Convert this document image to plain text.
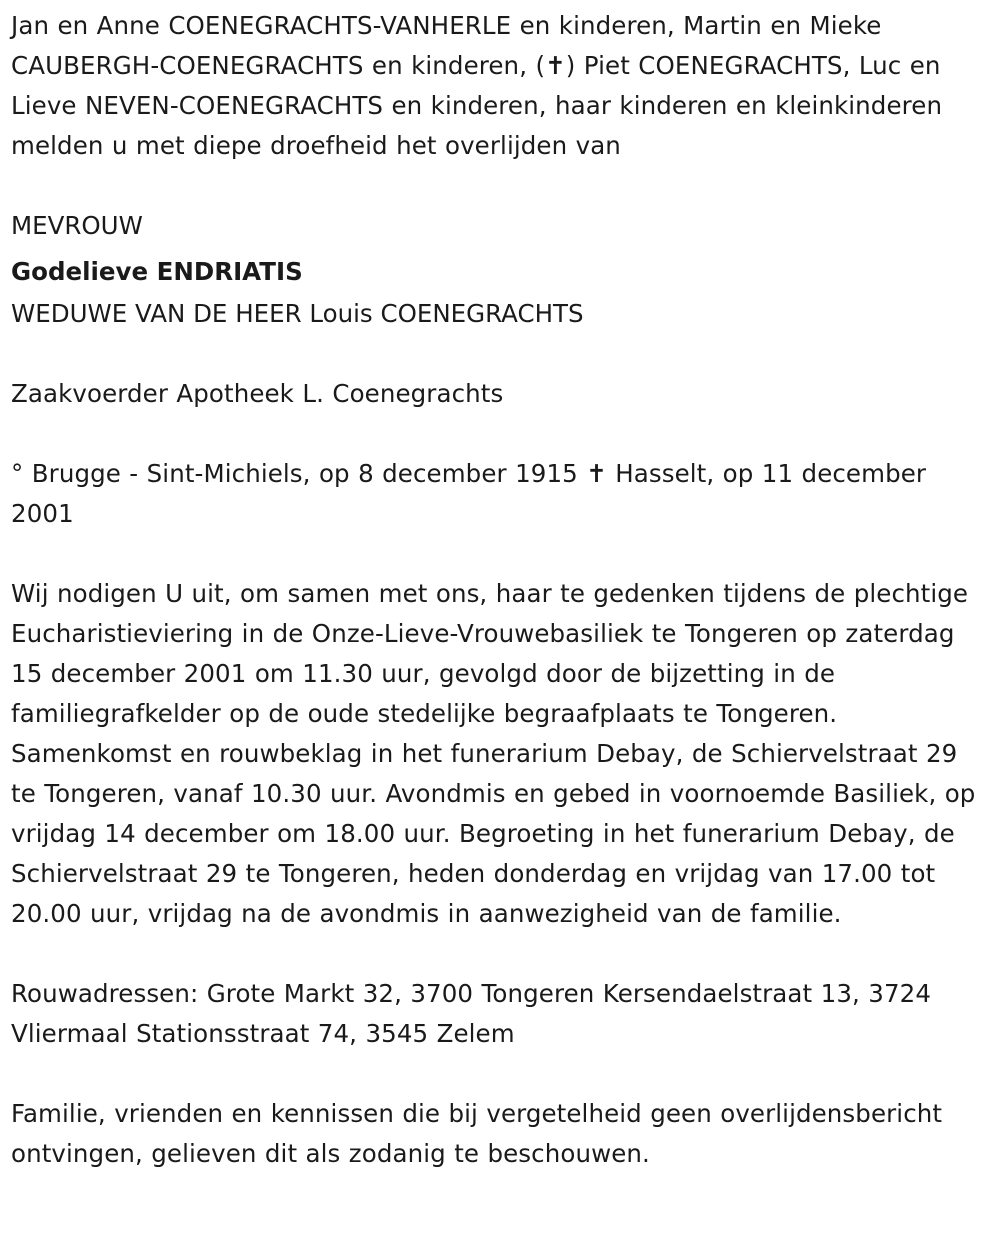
Jan en Anne COENEGRACHTS-VANHERLE en kinderen, Martin en Mieke CAUBERGH-COENEGRACHTS en kinderen, (✝) Piet COENEGRACHTS, Luc en Lieve NEVEN-COENEGRACHTS en kinderen, haar kinderen en kleinkinderen melden u met diepe droefheid het overlijden van

MEVROUW

Godelieve ENDRIATIS

WEDUWE VAN DE HEER Louis COENEGRACHTS

Zaakvoerder Apotheek L. Coenegrachts

° Brugge - Sint-Michiels, op 8 december 1915 ✝ Hasselt, op 11 december 2001

Wij nodigen U uit, om samen met ons, haar te gedenken tijdens de plechtige Eucharistieviering in de Onze-Lieve-Vrouwebasiliek te Tongeren op zaterdag 15 december 2001 om 11.30 uur, gevolgd door de bijzetting in de familiegrafkelder op de oude stedelijke begraafplaats te Tongeren. Samenkomst en rouwbeklag in het funerarium Debay, de Schiervelstraat 29 te Tongeren, vanaf 10.30 uur. Avondmis en gebed in voornoemde Basiliek, op vrijdag 14 december om 18.00 uur. Begroeting in het funerarium Debay, de Schiervelstraat 29 te Tongeren, heden donderdag en vrijdag van 17.00 tot 20.00 uur, vrijdag na de avondmis in aanwezigheid van de familie.

Rouwadressen: Grote Markt 32, 3700 Tongeren Kersendaelstraat 13, 3724 Vliermaal Stationsstraat 74, 3545 Zelem

Familie, vrienden en kennissen die bij vergetelheid geen overlijdensbericht ontvingen, gelieven dit als zodanig te beschouwen.
